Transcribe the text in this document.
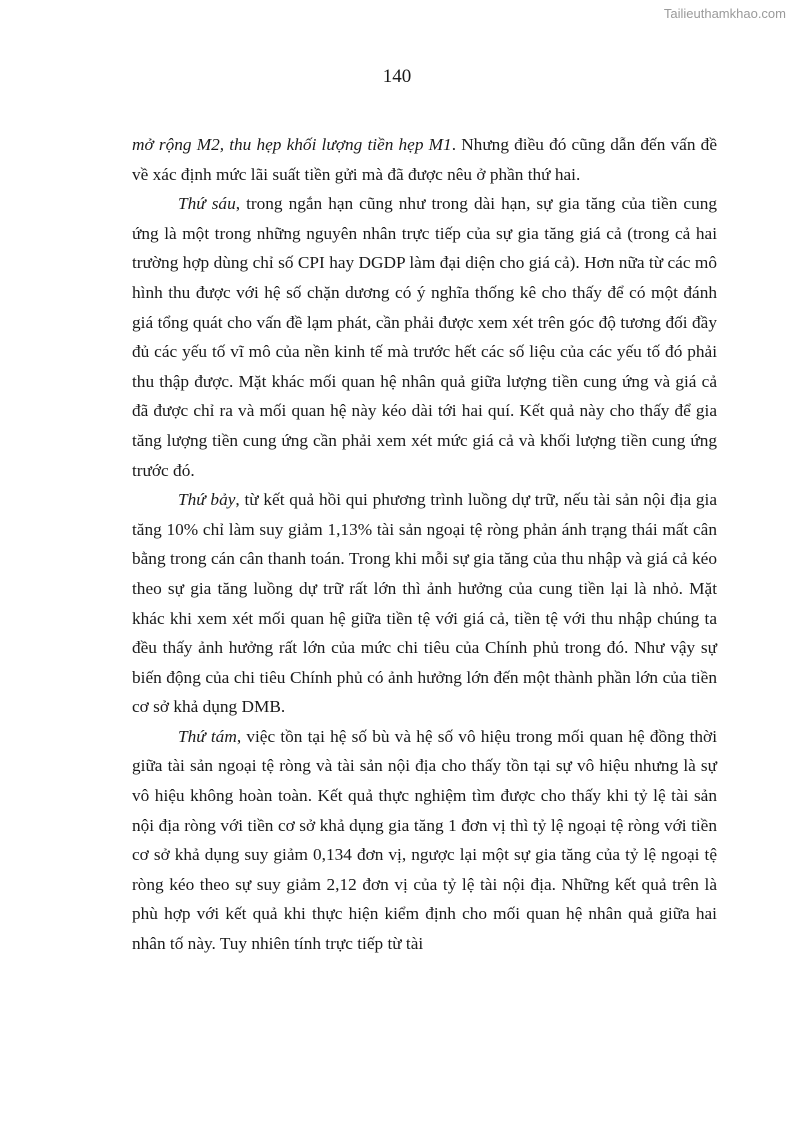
Tailieuthamkhao.com
140

mở rộng M2, thu hẹp khối lượng tiền hẹp M1. Nhưng điều đó cũng dẫn đến vấn đề về xác định mức lãi suất tiền gửi mà đã được nêu ở phần thứ hai.

Thứ sáu, trong ngắn hạn cũng như trong dài hạn, sự gia tăng của tiền cung ứng là một trong những nguyên nhân trực tiếp của sự gia tăng giá cả (trong cả hai trường hợp dùng chỉ số CPI hay DGDP làm đại diện cho giá cả). Hơn nữa từ các mô hình thu được với hệ số chặn dương có ý nghĩa thống kê cho thấy để có một đánh giá tổng quát cho vấn đề lạm phát, cần phải được xem xét trên góc độ tương đối đầy đủ các yếu tố vĩ mô của nền kinh tế mà trước hết các số liệu của các yếu tố đó phải thu thập được. Mặt khác mối quan hệ nhân quả giữa lượng tiền cung ứng và giá cả đã được chỉ ra và mối quan hệ này kéo dài tới hai quí. Kết quả này cho thấy để gia tăng lượng tiền cung ứng cần phải xem xét mức giá cả và khối lượng tiền cung ứng trước đó.

Thứ bảy, từ kết quả hồi qui phương trình luồng dự trữ, nếu tài sản nội địa gia tăng 10% chỉ làm suy giảm 1,13% tài sản ngoại tệ ròng phản ánh trạng thái mất cân bằng trong cán cân thanh toán. Trong khi mỗi sự gia tăng của thu nhập và giá cả kéo theo sự gia tăng luồng dự trữ rất lớn thì ảnh hưởng của cung tiền lại là nhỏ. Mặt khác khi xem xét mối quan hệ giữa tiền tệ với giá cả, tiền tệ với thu nhập chúng ta đều thấy ảnh hưởng rất lớn của mức chi tiêu của Chính phủ trong đó. Như vậy sự biến động của chi tiêu Chính phủ có ảnh hưởng lớn đến một thành phần lớn của tiền cơ sở khả dụng DMB.

Thứ tám, việc tồn tại hệ số bù và hệ số vô hiệu trong mối quan hệ đồng thời giữa tài sản ngoại tệ ròng và tài sản nội địa cho thấy tồn tại sự vô hiệu nhưng là sự vô hiệu không hoàn toàn. Kết quả thực nghiệm tìm được cho thấy khi tỷ lệ tài sản nội địa ròng với tiền cơ sở khả dụng gia tăng 1 đơn vị thì tỷ lệ ngoại tệ ròng với tiền cơ sở khả dụng suy giảm 0,134 đơn vị, ngược lại một sự gia tăng của tỷ lệ ngoại tệ ròng kéo theo sự suy giảm 2,12 đơn vị của tỷ lệ tài nội địa. Những kết quả trên là phù hợp với kết quả khi thực hiện kiểm định cho mối quan hệ nhân quả giữa hai nhân tố này. Tuy nhiên tính trực tiếp từ tài
